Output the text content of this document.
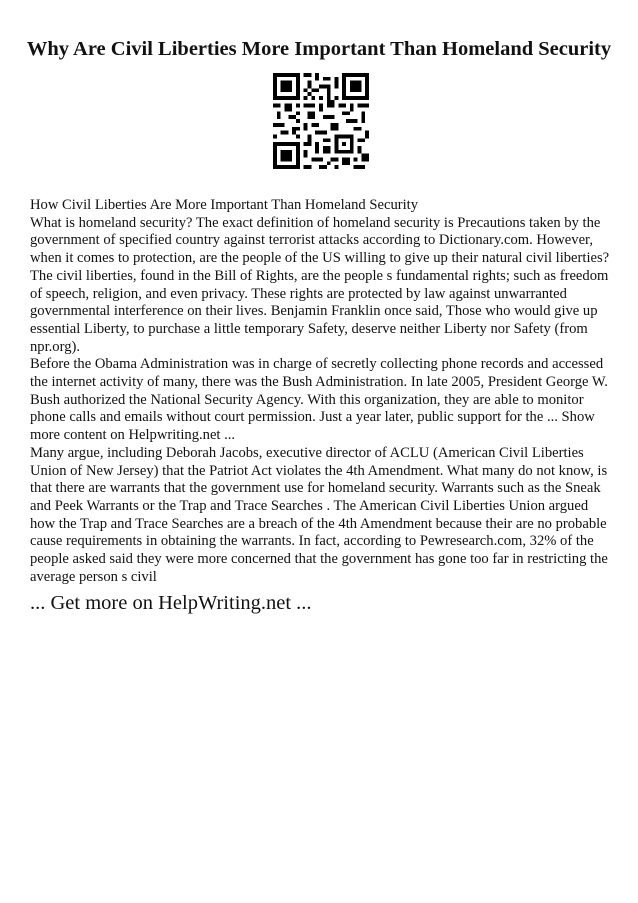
Why Are Civil Liberties More Important Than Homeland Security

How Civil Liberties Are More Important Than Homeland Security

What is homeland security? The exact definition of homeland security is Precautions taken by the government of specified country against terrorist attacks according to Dictionary.com. However, when it comes to protection, are the people of the US willing to give up their natural civil liberties? The civil liberties, found in the Bill of Rights, are the people s fundamental rights; such as freedom of speech, religion, and even privacy. These rights are protected by law against unwarranted governmental interference on their lives. Benjamin Franklin once said, Those who would give up essential Liberty, to purchase a little temporary Safety, deserve neither Liberty nor Safety (from npr.org).

Before the Obama Administration was in charge of secretly collecting phone records and accessed the internet activity of many, there was the Bush Administration. In late 2005, President George W. Bush authorized the National Security Agency. With this organization, they are able to monitor phone calls and emails without court permission. Just a year later, public support for the ... Show more content on Helpwriting.net ...

Many argue, including Deborah Jacobs, executive director of ACLU (American Civil Liberties Union of New Jersey) that the Patriot Act violates the 4th Amendment. What many do not know, is that there are warrants that the government use for homeland security. Warrants such as the Sneak and Peek Warrants or the Trap and Trace Searches . The American Civil Liberties Union argued how the Trap and Trace Searches are a breach of the 4th Amendment because their are no probable cause requirements in obtaining the warrants. In fact, according to Pewresearch.com, 32% of the people asked said they were more concerned that the government has gone too far in restricting the average person s civil

... Get more on HelpWriting.net ...
